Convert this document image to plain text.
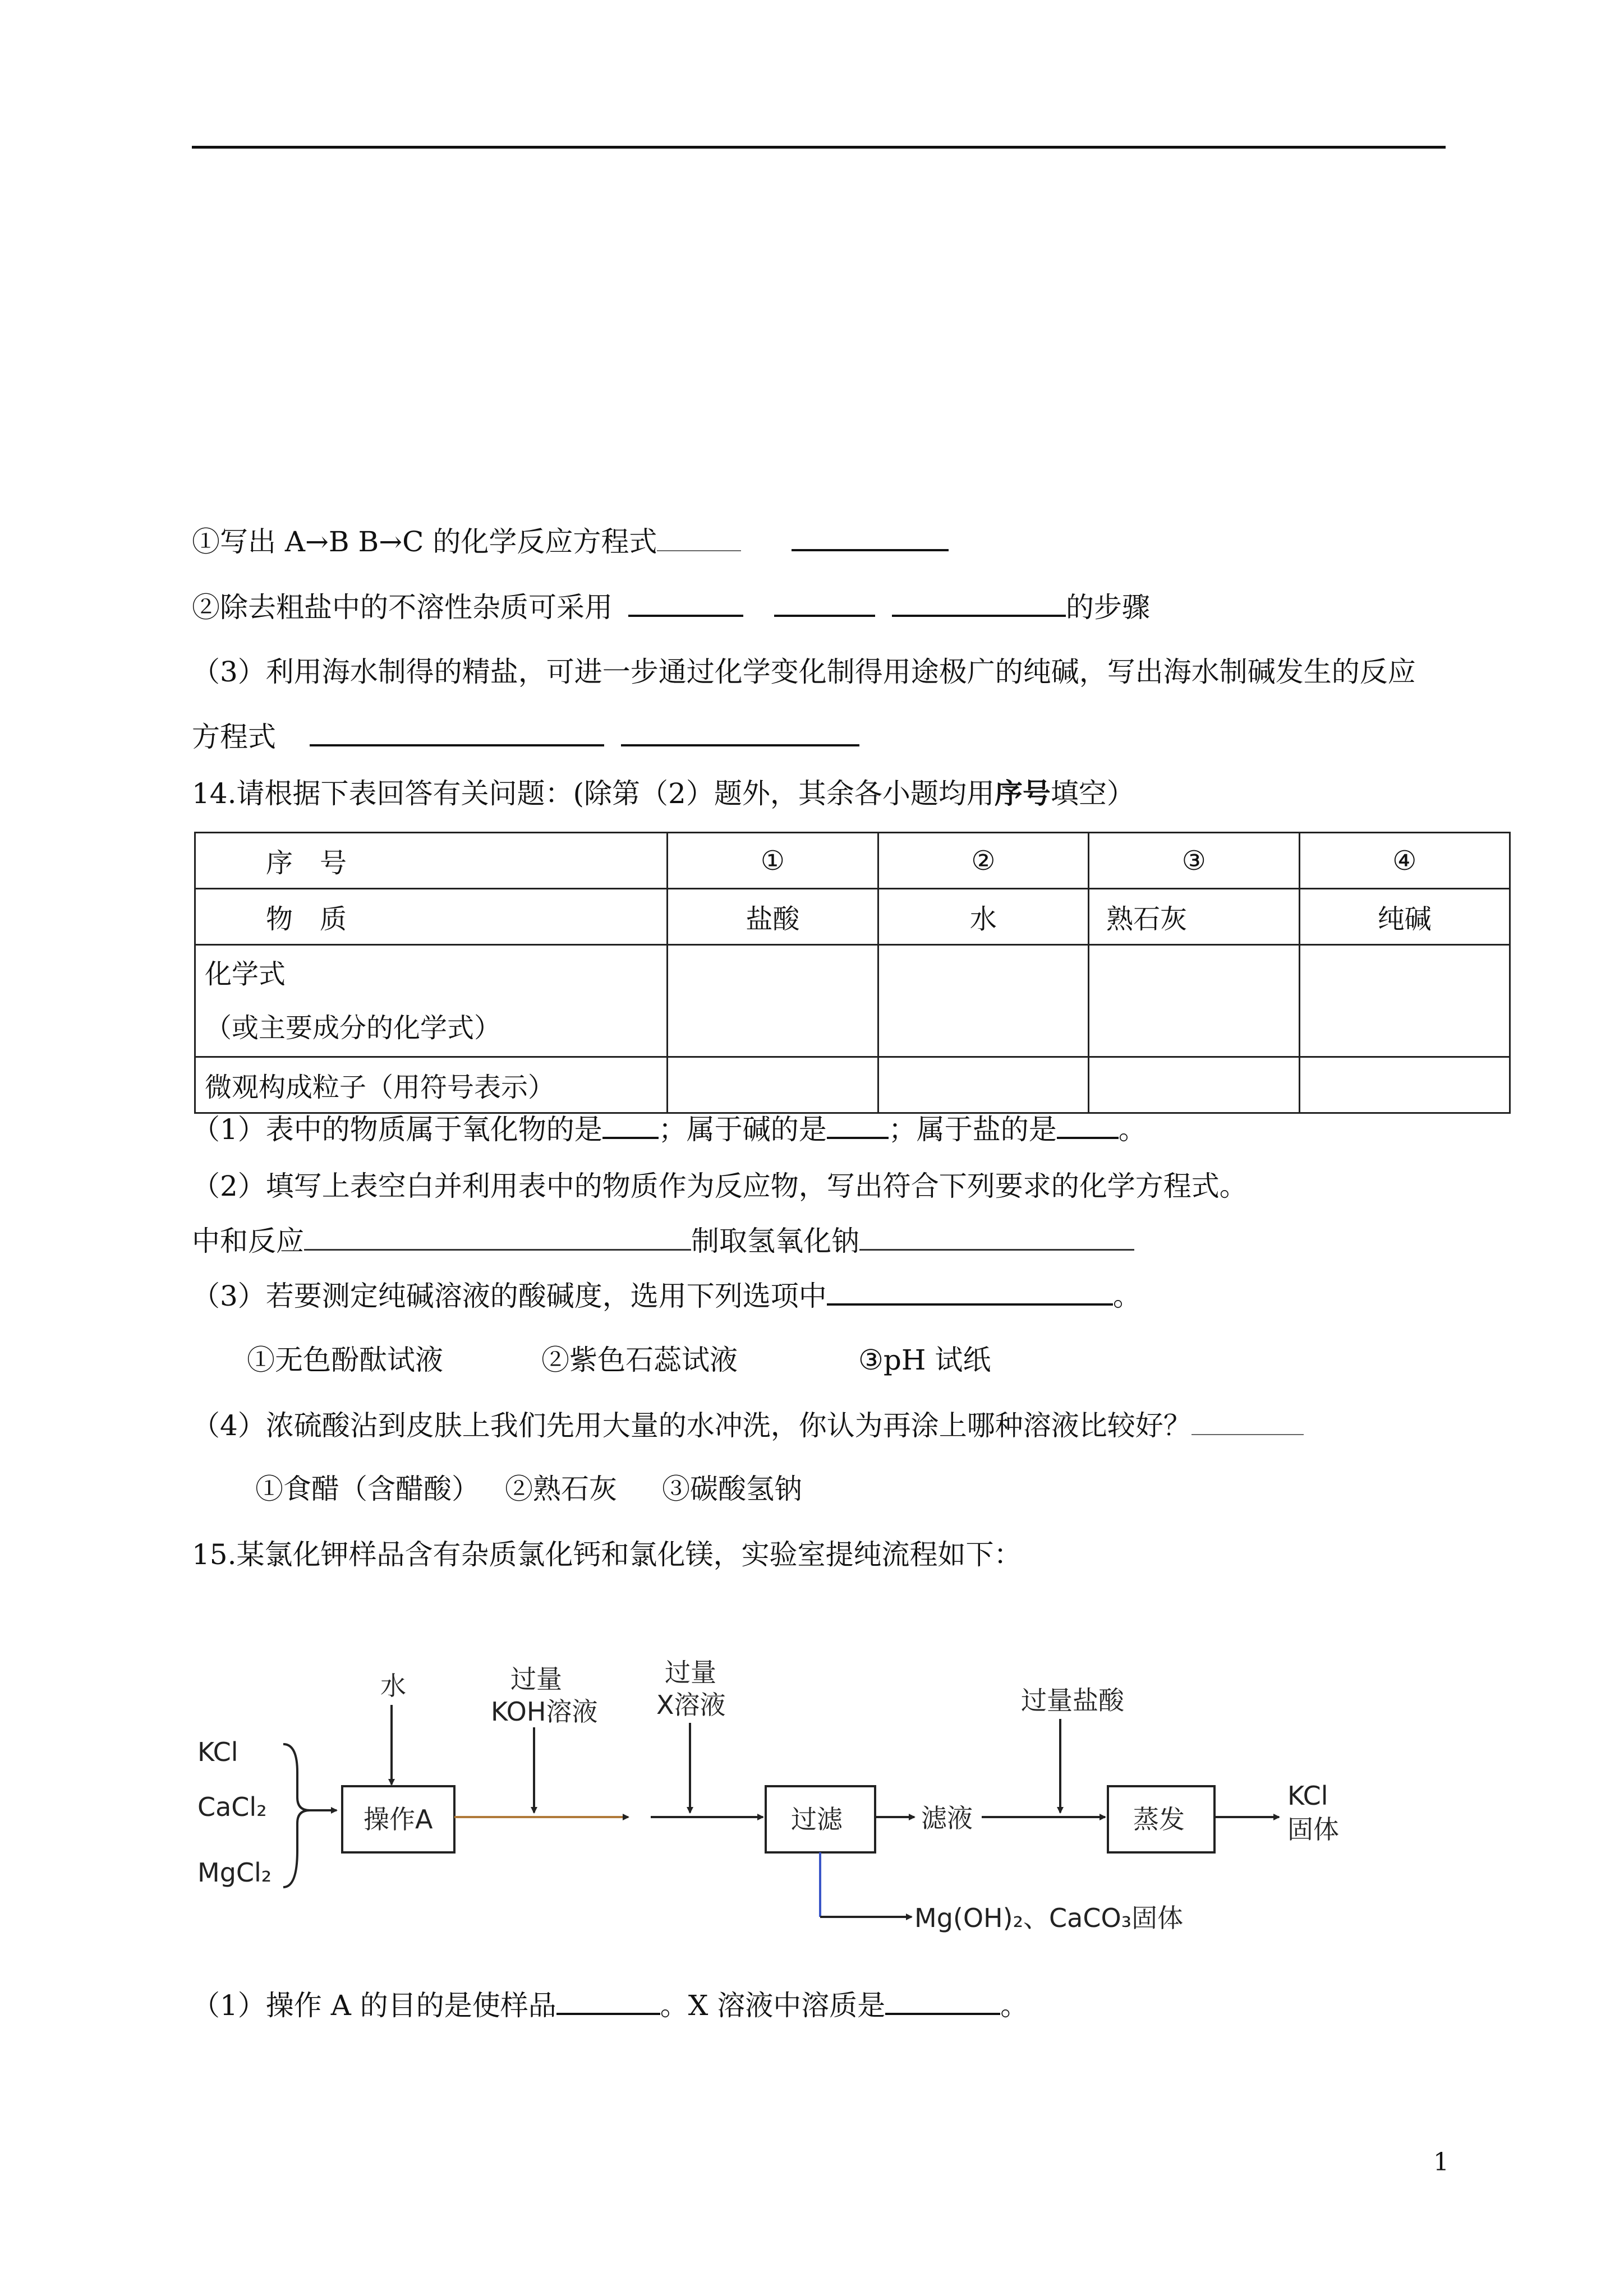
①写出 A→B B→C 的化学反应方程式
②除去粗盐中的不溶性杂质可采用	的步骤
（3）利用海水制得的精盐，可进一步通过化学变化制得用途极广的纯碱，写出海水制碱发生的反应
方程式
14.请根据下表回答有关问题：(除第（2）题外，其余各小题均用序号填空）
序　号	①	②	③	④
物　质	盐酸	水	熟石灰	纯碱

化学式
（或主要成分的化学式）				

微观构成粒子（用符号表示）				
（1）表中的物质属于氧化物的是 ；属于碱的是 ；属于盐的是 。
（2）填写上表空白并利用表中的物质作为反应物，写出符合下列要求的化学方程式。
中和反应	制取氢氧化钠
（3）若要测定纯碱溶液的酸碱度，选用下列选项中	。
①无色酚酞试液	②紫色石蕊试液	③pH 试纸
（4）浓硫酸沾到皮肤上我们先用大量的水冲洗，你认为再涂上哪种溶液比较好？
①食醋（含醋酸） ②熟石灰 ③碳酸氢钠
15.某氯化钾样品含有杂质氯化钙和氯化镁，实验室提纯流程如下：
KCl
CaCl₂
MgCl₂
水
操作A
过量
KOH溶液
过量
X溶液
过滤	滤液
过量盐酸
蒸发
KCl
固体
Mg(OH)₂、CaCO₃固体
（1）操作 A 的目的是使样品	。X 溶液中溶质是	。
1
